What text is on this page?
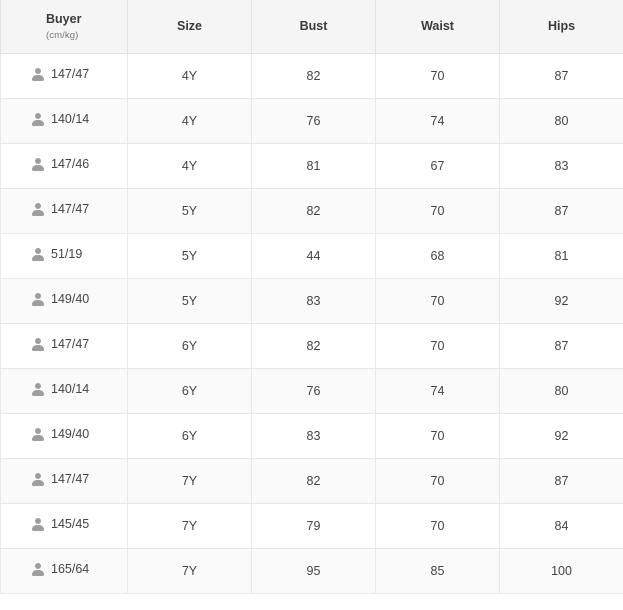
Buyer
(cm/kg)	Size	Bust	Waist	Hips

147/47	4Y	82	70	87

140/14	4Y	76	74	80

147/46	4Y	81	67	83

147/47	5Y	82	70	87

51/19	5Y	44	68	81

149/40	5Y	83	70	92

147/47	6Y	82	70	87

140/14	6Y	76	74	80

149/40	6Y	83	70	92

147/47	7Y	82	70	87

145/45	7Y	79	70	84

165/64	7Y	95	85	100
